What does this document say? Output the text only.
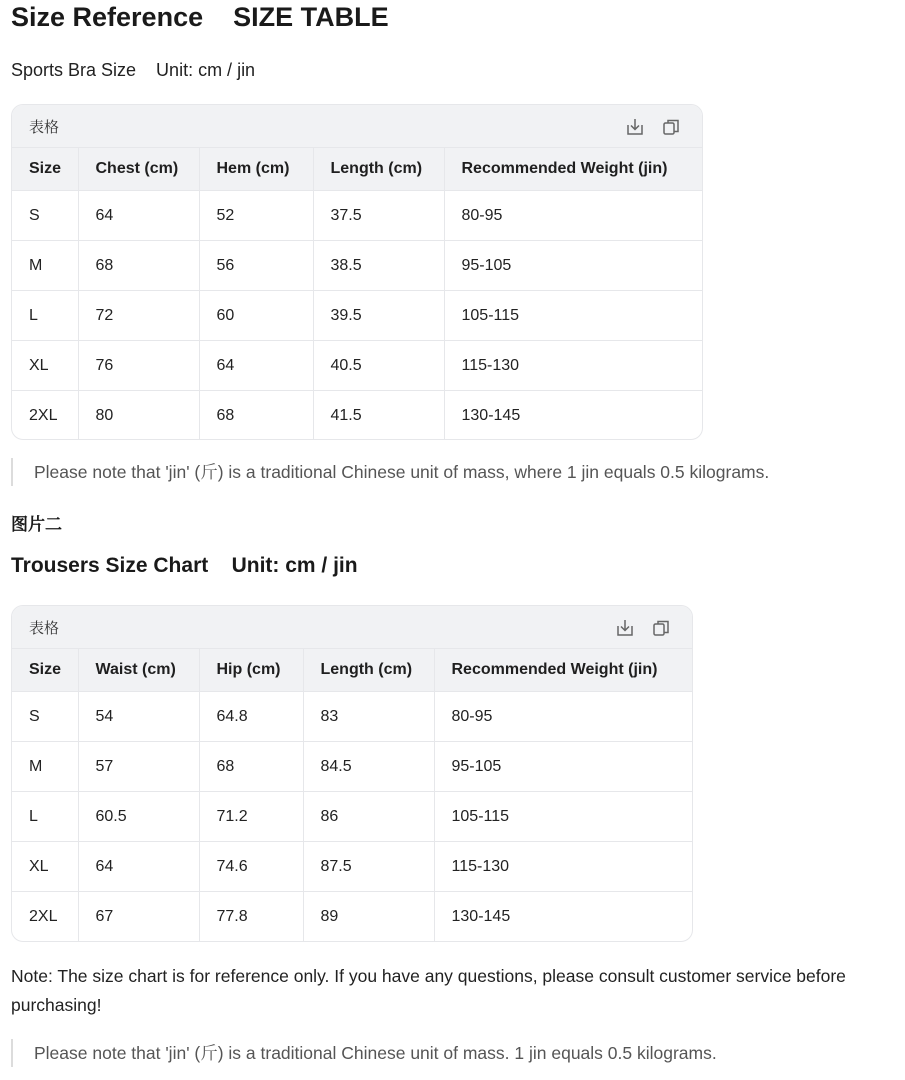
Size Reference    SIZE TABLE
Sports Bra Size    Unit: cm / jin
表格
Size	Chest (cm)	Hem (cm)	Length (cm)	Recommended Weight (jin)
S	64	52	37.5	80-95
M	68	56	38.5	95-105
L	72	60	39.5	105-115
XL	76	64	40.5	115-130
2XL	80	68	41.5	130-145
Please note that 'jin' (斤) is a traditional Chinese unit of mass, where 1 jin equals 0.5 kilograms.
图片二
Trousers Size Chart    Unit: cm / jin
表格
Size	Waist (cm)	Hip (cm)	Length (cm)	Recommended Weight (jin)
S	54	64.8	83	80-95
M	57	68	84.5	95-105
L	60.5	71.2	86	105-115
XL	64	74.6	87.5	115-130
2XL	67	77.8	89	130-145
Note: The size chart is for reference only. If you have any questions, please consult customer service before purchasing!
Please note that 'jin' (斤) is a traditional Chinese unit of mass. 1 jin equals 0.5 kilograms.
